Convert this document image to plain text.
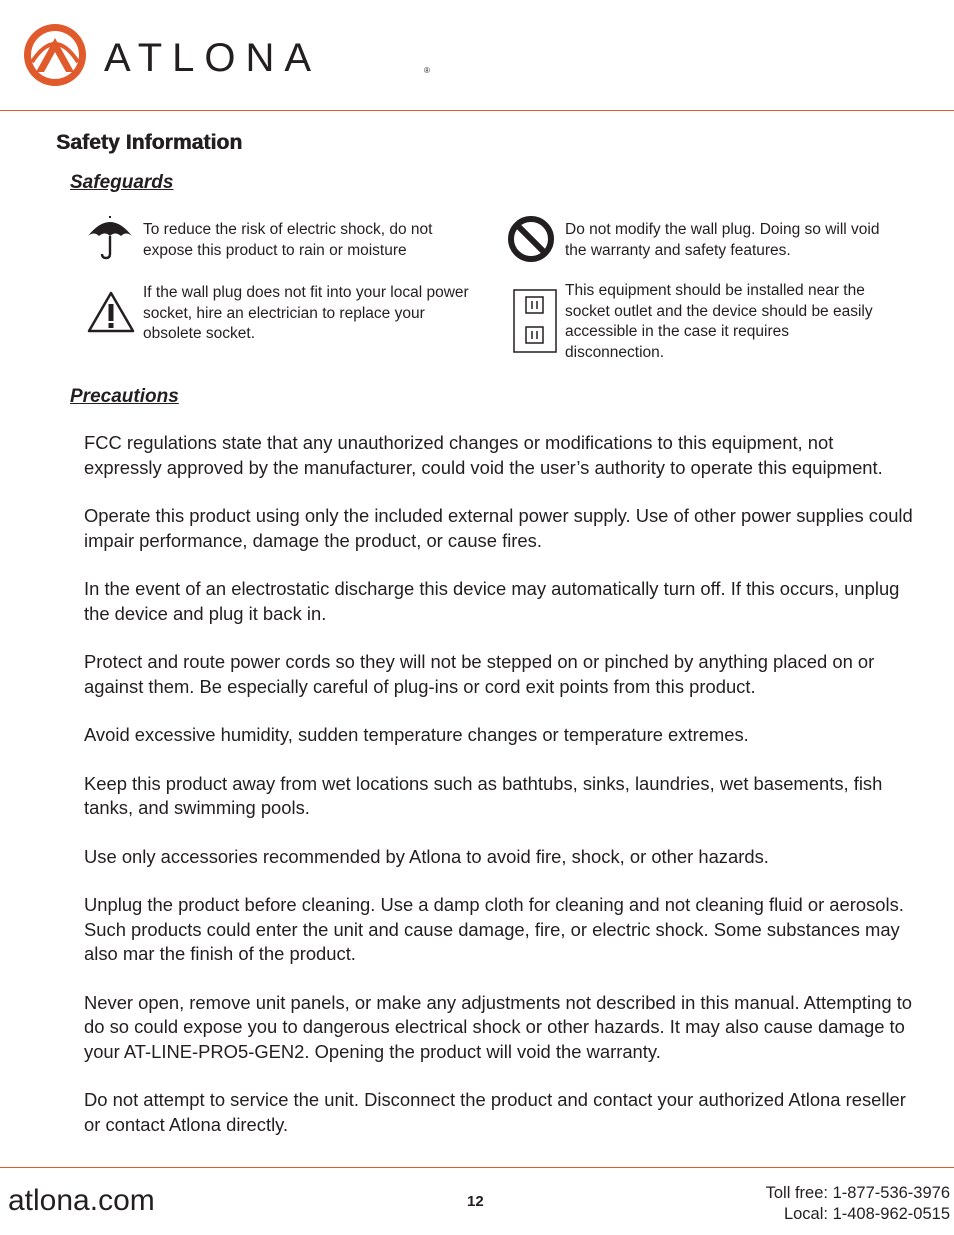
ATLONA	®
Safety Information
Safeguards
To reduce the risk of electric shock, do not expose this product to rain or moisture
Do not modify the wall plug. Doing so will void the warranty and safety features.
If the wall plug does not fit into your local power socket, hire an electrician to replace your obsolete socket.
This equipment should be installed near the socket outlet and the device should be easily accessible in the case it requires disconnection.
Precautions

FCC regulations state that any unauthorized changes or modifications to this equipment, not expressly approved by the manufacturer, could void the user’s authority to operate this equipment.

Operate this product using only the included external power supply. Use of other power supplies could impair performance, damage the product, or cause fires.

In the event of an electrostatic discharge this device may automatically turn off. If this occurs, unplug the device and plug it back in.

Protect and route power cords so they will not be stepped on or pinched by anything placed on or against them. Be especially careful of plug-ins or cord exit points from this product.

Avoid excessive humidity, sudden temperature changes or temperature extremes.

Keep this product away from wet locations such as bathtubs, sinks, laundries, wet basements, fish tanks, and swimming pools.

Use only accessories recommended by Atlona to avoid fire, shock, or other hazards.

Unplug the product before cleaning. Use a damp cloth for cleaning and not cleaning fluid or aerosols. Such products could enter the unit and cause damage, fire, or electric shock. Some substances may also mar the finish of the product.

Never open, remove unit panels, or make any adjustments not described in this manual. Attempting to do so could expose you to dangerous electrical shock or other hazards. It may also cause damage to your AT-LINE-PRO5-GEN2. Opening the product will void the warranty.

Do not attempt to service the unit. Disconnect the product and contact your authorized Atlona reseller or contact Atlona directly.

atlona.com	12	Toll free: 1-877-536-3976
Local: 1-408-962-0515
